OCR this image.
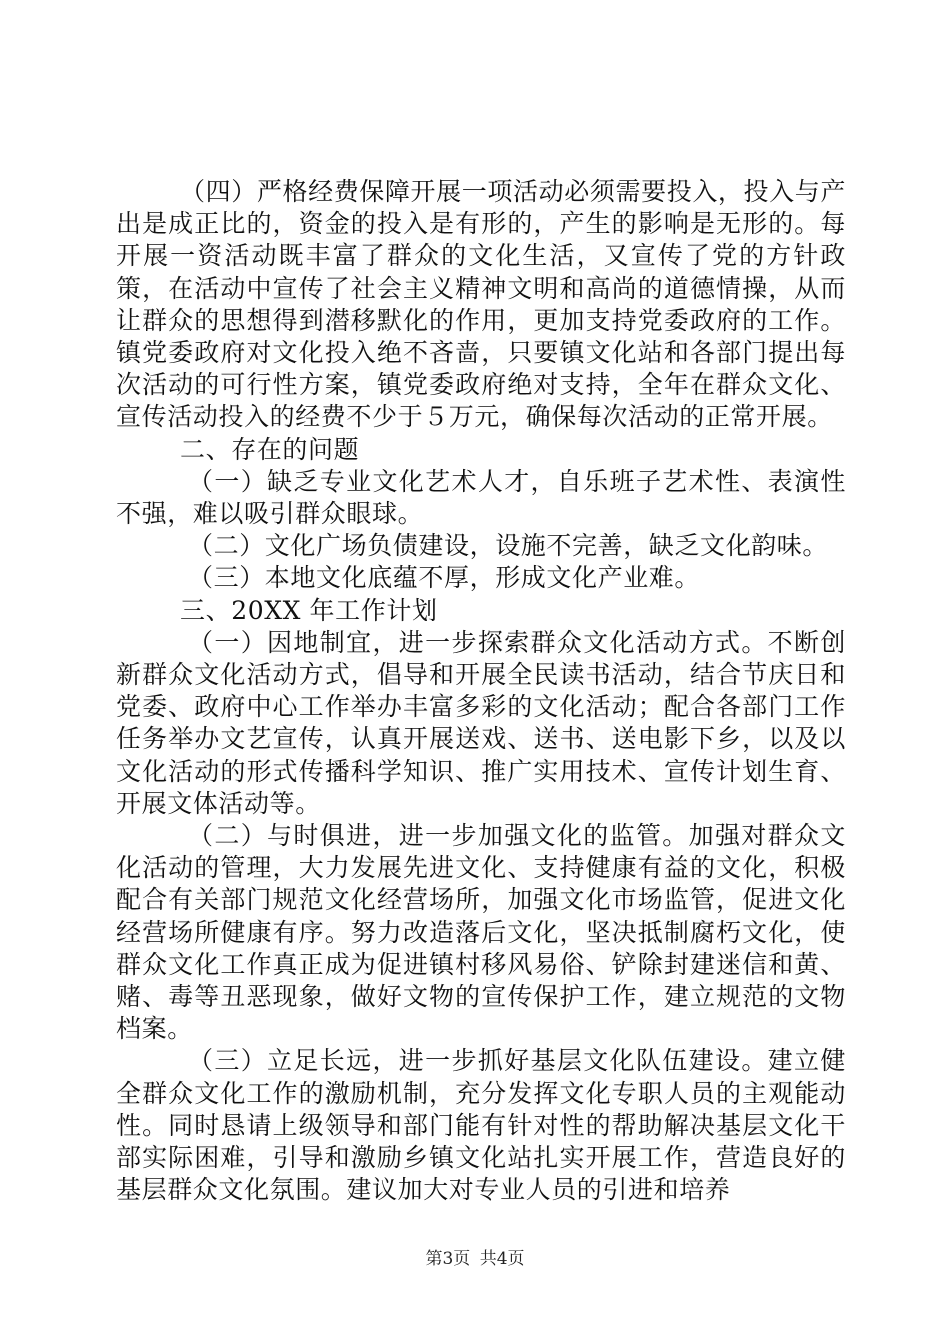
（四）严格经费保障开展一项活动必须需要投入，投入与产出是成正比的，资金的投入是有形的，产生的影响是无形的。每开展一资活动既丰富了群众的文化生活，又宣传了党的方针政策，在活动中宣传了社会主义精神文明和高尚的道德情操，从而让群众的思想得到潜移默化的作用，更加支持党委政府的工作。镇党委政府对文化投入绝不吝啬，只要镇文化站和各部门提出每次活动的可行性方案，镇党委政府绝对支持，全年在群众文化、宣传活动投入的经费不少于５万元，确保每次活动的正常开展。

二、存在的问题

（一）缺乏专业文化艺术人才，自乐班子艺术性、表演性不强，难以吸引群众眼球。

（二）文化广场负债建设，设施不完善，缺乏文化韵味。

（三）本地文化底蕴不厚，形成文化产业难。

三、20XX 年工作计划

（一）因地制宜，进一步探索群众文化活动方式。不断创新群众文化活动方式，倡导和开展全民读书活动，结合节庆日和党委、政府中心工作举办丰富多彩的文化活动；配合各部门工作任务举办文艺宣传，认真开展送戏、送书、送电影下乡，以及以文化活动的形式传播科学知识、推广实用技术、宣传计划生育、开展文体活动等。

（二）与时俱进，进一步加强文化的监管。加强对群众文化活动的管理，大力发展先进文化、支持健康有益的文化，积极配合有关部门规范文化经营场所，加强文化市场监管，促进文化经营场所健康有序。努力改造落后文化，坚决抵制腐朽文化，使群众文化工作真正成为促进镇村移风易俗、铲除封建迷信和黄、赌、毒等丑恶现象，做好文物的宣传保护工作，建立规范的文物档案。

（三）立足长远，进一步抓好基层文化队伍建设。建立健全群众文化工作的激励机制，充分发挥文化专职人员的主观能动性。同时恳请上级领导和部门能有针对性的帮助解决基层文化干部实际困难，引导和激励乡镇文化站扎实开展工作，营造良好的基层群众文化氛围。建议加大对专业人员的引进和培养

第3页 共4页
